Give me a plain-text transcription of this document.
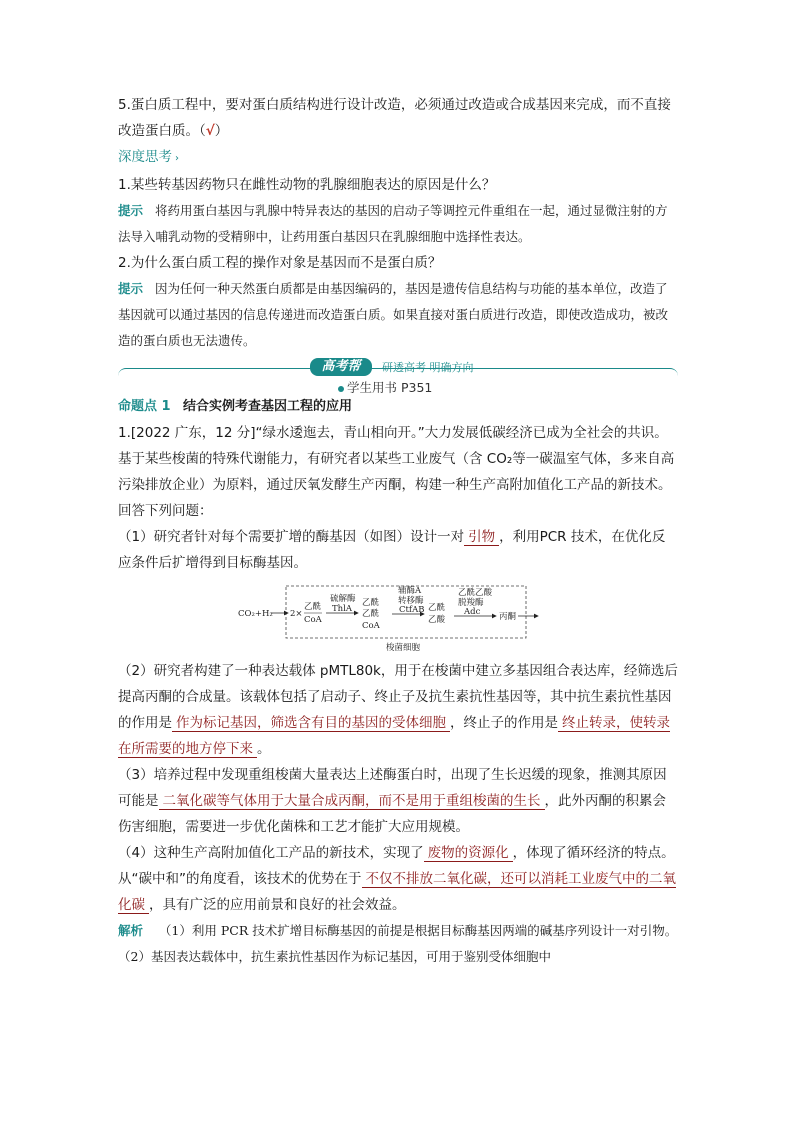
5.蛋白质工程中，要对蛋白质结构进行设计改造，必须通过改造或合成基因来完成，而不直接改造蛋白质。（√）

深度思考 ›

1.某些转基因药物只在雌性动物的乳腺细胞表达的原因是什么？

提示 将药用蛋白基因与乳腺中特异表达的基因的启动子等调控元件重组在一起，通过显微注射的方法导入哺乳动物的受精卵中，让药用蛋白基因只在乳腺细胞中选择性表达。

2.为什么蛋白质工程的操作对象是基因而不是蛋白质？

提示 因为任何一种天然蛋白质都是由基因编码的，基因是遗传信息结构与功能的基本单位，改造了基因就可以通过基因的信息传递进而改造蛋白质。如果直接对蛋白质进行改造，即使改造成功，被改造的蛋白质也无法遗传。

高考帮	研透高考 明确方向
学生用书 P351

命题点 1 结合实例考查基因工程的应用

1.[2022 广东，12 分]“绿水逶迤去，青山相向开。”大力发展低碳经济已成为全社会的共识。基于某些梭菌的特殊代谢能力，有研究者以某些工业废气（含 CO₂等一碳温室气体，多来自高污染排放企业）为原料，通过厌氧发酵生产丙酮，构建一种生产高附加值化工产品的新技术。

回答下列问题：

（1）研究者针对每个需要扩增的酶基因（如图）设计一对 引物 ，利用PCR 技术，在优化反应条件后扩增得到目标酶基因。

CO₂+H₂ 2×
乙酰
CoA
硫解酶
ThlA
乙酰
乙酰
CoA
辅酶A
转移酶
CtfAB 乙酰
乙酸
乙酰乙酸
脱羧酶
Adc 丙酮
梭菌细胞

（2）研究者构建了一种表达载体 pMTL80k，用于在梭菌中建立多基因组合表达库，经筛选后提高丙酮的合成量。该载体包括了启动子、终止子及抗生素抗性基因等，其中抗生素抗性基因的作用是 作为标记基因，筛选含有目的基因的受体细胞 ，终止子的作用是 终止转录，使转录在所需要的地方停下来 。

（3）培养过程中发现重组梭菌大量表达上述酶蛋白时，出现了生长迟缓的现象，推测其原因可能是 二氧化碳等气体用于大量合成丙酮，而不是用于重组梭菌的生长 ，此外丙酮的积累会伤害细胞，需要进一步优化菌株和工艺才能扩大应用规模。

（4）这种生产高附加值化工产品的新技术，实现了 废物的资源化 ，体现了循环经济的特点。从“碳中和”的角度看，该技术的优势在于 不仅不排放二氧化碳，还可以消耗工业废气中的二氧化碳 ，具有广泛的应用前景和良好的社会效益。

解析 （1）利用 PCR 技术扩增目标酶基因的前提是根据目标酶基因两端的碱基序列设计一对引物。（2）基因表达载体中，抗生素抗性基因作为标记基因，可用于鉴别受体细胞中
